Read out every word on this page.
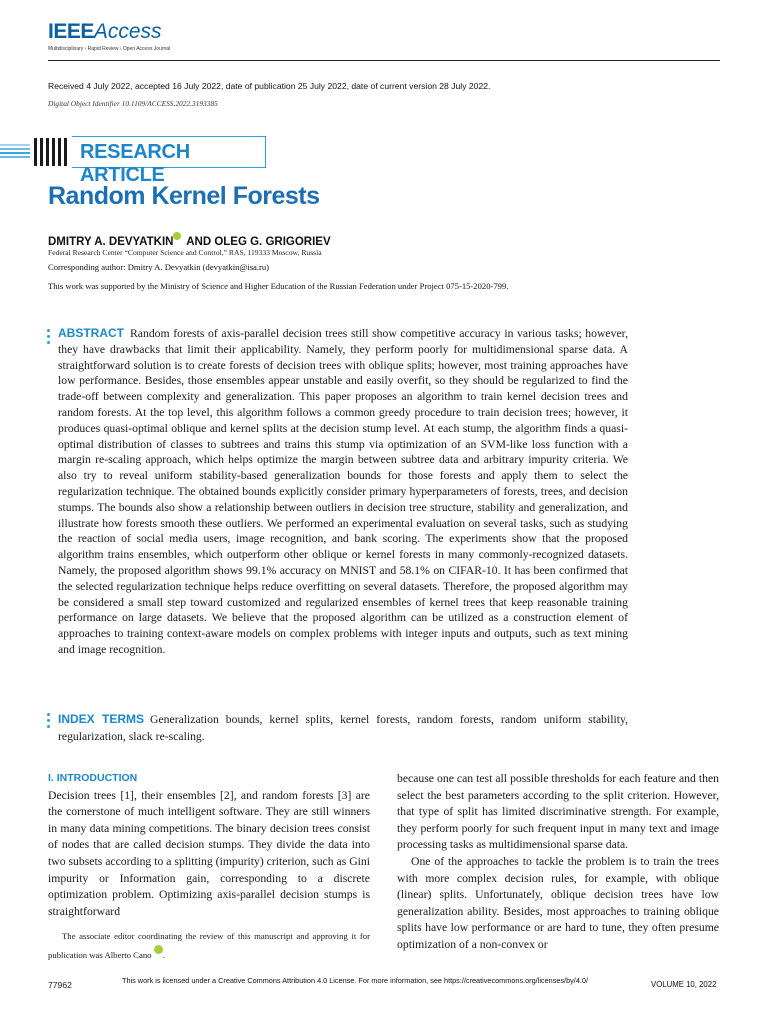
IEEEAccess
Multidisciplinary ⁝ Rapid Review ⁝ Open Access Journal
Received 4 July 2022, accepted 16 July 2022, date of publication 25 July 2022, date of current version 28 July 2022.
Digital Object Identifier 10.1109/ACCESS.2022.3193385
RESEARCH ARTICLE
Random Kernel Forests
DMITRY A. DEVYATKIN AND OLEG G. GRIGORIEV
Federal Research Center “Computer Science and Control,” RAS, 119333 Moscow, Russia
Corresponding author: Dmitry A. Devyatkin (devyatkin@isa.ru)
This work was supported by the Ministry of Science and Higher Education of the Russian Federation under Project 075-15-2020-799.
ABSTRACT Random forests of axis-parallel decision trees still show competitive accuracy in various tasks; however, they have drawbacks that limit their applicability. Namely, they perform poorly for multidimensional sparse data. A straightforward solution is to create forests of decision trees with oblique splits; however, most training approaches have low performance. Besides, those ensembles appear unstable and easily overfit, so they should be regularized to find the trade-off between complexity and generalization. This paper proposes an algorithm to train kernel decision trees and random forests. At the top level, this algorithm follows a common greedy procedure to train decision trees; however, it produces quasi-optimal oblique and kernel splits at the decision stump level. At each stump, the algorithm finds a quasi-optimal distribution of classes to subtrees and trains this stump via optimization of an SVM-like loss function with a margin re-scaling approach, which helps optimize the margin between subtree data and arbitrary impurity criteria. We also try to reveal uniform stability-based generalization bounds for those forests and apply them to select the regularization technique. The obtained bounds explicitly consider primary hyperparameters of forests, trees, and decision stumps. The bounds also show a relationship between outliers in decision tree structure, stability and generalization, and illustrate how forests smooth these outliers. We performed an experimental evaluation on several tasks, such as studying the reaction of social media users, image recognition, and bank scoring. The experiments show that the proposed algorithm trains ensembles, which outperform other oblique or kernel forests in many commonly-recognized datasets. Namely, the proposed algorithm shows 99.1% accuracy on MNIST and 58.1% on CIFAR-10. It has been confirmed that the selected regularization technique helps reduce overfitting on several datasets. Therefore, the proposed algorithm may be considered a small step toward customized and regularized ensembles of kernel trees that keep reasonable training performance on large datasets. We believe that the proposed algorithm can be utilized as a construction element of approaches to training context-aware models on complex problems with integer inputs and outputs, such as text mining and image recognition.
INDEX TERMS Generalization bounds, kernel splits, kernel forests, random forests, random uniform stability, regularization, slack re-scaling.
I. INTRODUCTION

Decision trees [1], their ensembles [2], and random forests [3] are the cornerstone of much intelligent software. They are still winners in many data mining competitions. The binary decision trees consist of nodes that are called decision stumps. They divide the data into two subsets according to a splitting (impurity) criterion, such as Gini impurity or Information gain, corresponding to a discrete optimization problem. Optimizing axis-parallel decision stumps is straightforward

The associate editor coordinating the review of this manuscript and approving it for publication was Alberto Cano .

because one can test all possible thresholds for each feature and then select the best parameters according to the split criterion. However, that type of split has limited discriminative strength. For example, they perform poorly for such frequent input in many text and image processing tasks as multidimensional sparse data.

One of the approaches to tackle the problem is to train the trees with more complex decision rules, for example, with oblique (linear) splits. Unfortunately, oblique decision trees have low generalization ability. Besides, most approaches to training oblique splits have low performance or are hard to tune, they often presume optimization of a non-convex or

77962	This work is licensed under a Creative Commons Attribution 4.0 License. For more information, see https://creativecommons.org/licenses/by/4.0/	VOLUME 10, 2022
